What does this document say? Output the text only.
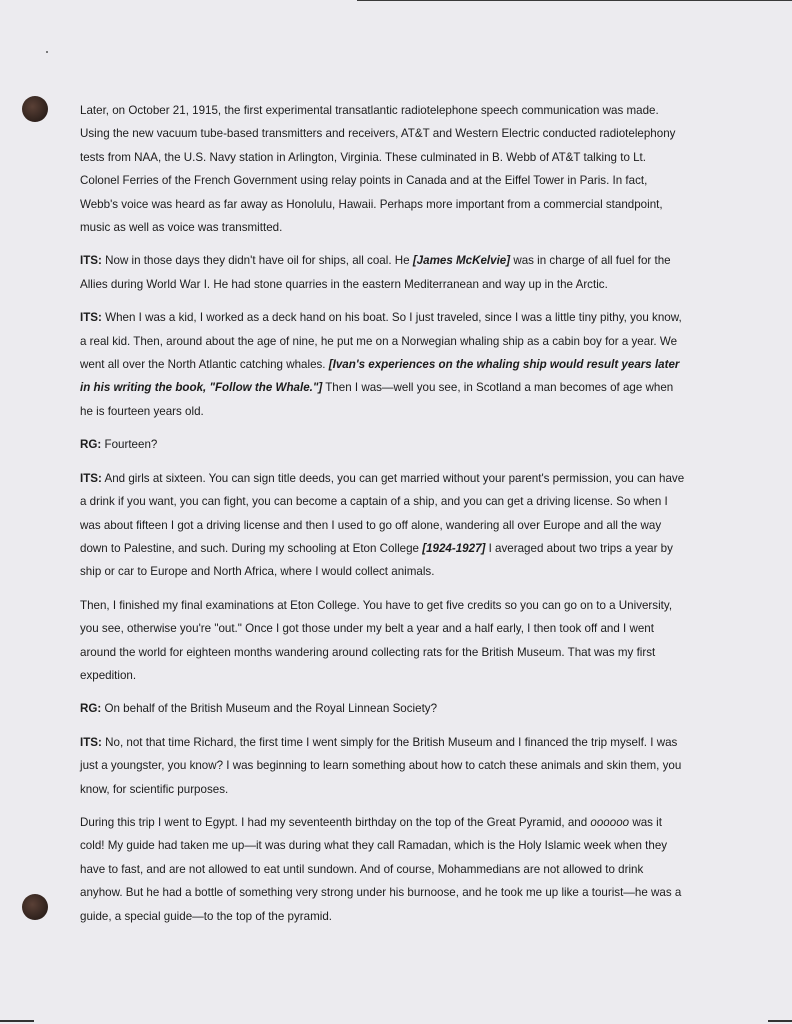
Later, on October 21, 1915, the first experimental transatlantic radiotelephone speech communication was made. Using the new vacuum tube-based transmitters and receivers, AT&T and Western Electric conducted radiotelephony tests from NAA, the U.S. Navy station in Arlington, Virginia. These culminated in B. Webb of AT&T talking to Lt. Colonel Ferries of the French Government using relay points in Canada and at the Eiffel Tower in Paris. In fact, Webb's voice was heard as far away as Honolulu, Hawaii. Perhaps more important from a commercial standpoint, music as well as voice was transmitted.

ITS: Now in those days they didn't have oil for ships, all coal. He [James McKelvie] was in charge of all fuel for the Allies during World War I. He had stone quarries in the eastern Mediterranean and way up in the Arctic.

ITS: When I was a kid, I worked as a deck hand on his boat. So I just traveled, since I was a little tiny pithy, you know, a real kid. Then, around about the age of nine, he put me on a Norwegian whaling ship as a cabin boy for a year. We went all over the North Atlantic catching whales. [Ivan's experiences on the whaling ship would result years later in his writing the book, "Follow the Whale."] Then I was—well you see, in Scotland a man becomes of age when he is fourteen years old.

RG: Fourteen?

ITS: And girls at sixteen. You can sign title deeds, you can get married without your parent's permission, you can have a drink if you want, you can fight, you can become a captain of a ship, and you can get a driving license. So when I was about fifteen I got a driving license and then I used to go off alone, wandering all over Europe and all the way down to Palestine, and such. During my schooling at Eton College [1924-1927] I averaged about two trips a year by ship or car to Europe and North Africa, where I would collect animals.

Then, I finished my final examinations at Eton College. You have to get five credits so you can go on to a University, you see, otherwise you're "out." Once I got those under my belt a year and a half early, I then took off and I went around the world for eighteen months wandering around collecting rats for the British Museum. That was my first expedition.

RG: On behalf of the British Museum and the Royal Linnean Society?

ITS: No, not that time Richard, the first time I went simply for the British Museum and I financed the trip myself. I was just a youngster, you know? I was beginning to learn something about how to catch these animals and skin them, you know, for scientific purposes.

During this trip I went to Egypt. I had my seventeenth birthday on the top of the Great Pyramid, and oooooo was it cold! My guide had taken me up—it was during what they call Ramadan, which is the Holy Islamic week when they have to fast, and are not allowed to eat until sundown. And of course, Mohammedians are not allowed to drink anyhow. But he had a bottle of something very strong under his burnoose, and he took me up like a tourist—he was a guide, a special guide—to the top of the pyramid.
